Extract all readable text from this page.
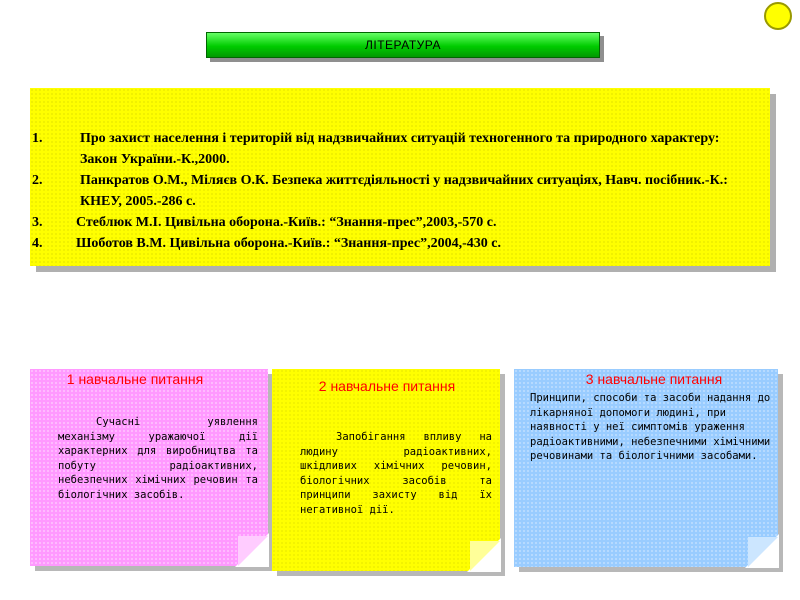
ЛІТЕРАТУРА
1.	Про захист населення і територій від надзвичайних ситуацій техногенного та природного характеру: Закон України.-К.,2000.
2.	Панкратов О.М., Міляєв О.К. Безпека життєдіяльності у надзвичайних ситуаціях, Навч. посібник.-К.: КНЕУ, 2005.-286 с.
3.	Стеблюк М.І. Цивільна оборона.-Київ.: “Знання-прес”,2003,-570 с.
4.	Шоботов В.М. Цивільна оборона.-Київ.: “Знання-прес”,2004,-430 с.
1 навчальне питання
Сучасні уявлення механізму уражаючої дії характерних для виробництва та побуту радіоактивних, небезпечних хімічних речовин та біологічних засобів.
2 навчальне питання
Запобігання впливу на людину радіоактивних, шкідливих хімічних речовин, біологічних засобів та принципи захисту від їх негативної дії.
3 навчальне питання
Принципи, способи та засоби надання до лікарняної допомоги людині, при наявності у неї симптомів ураження радіоактивними, небезпечними хімічними речовинами та біологічними засобами.
